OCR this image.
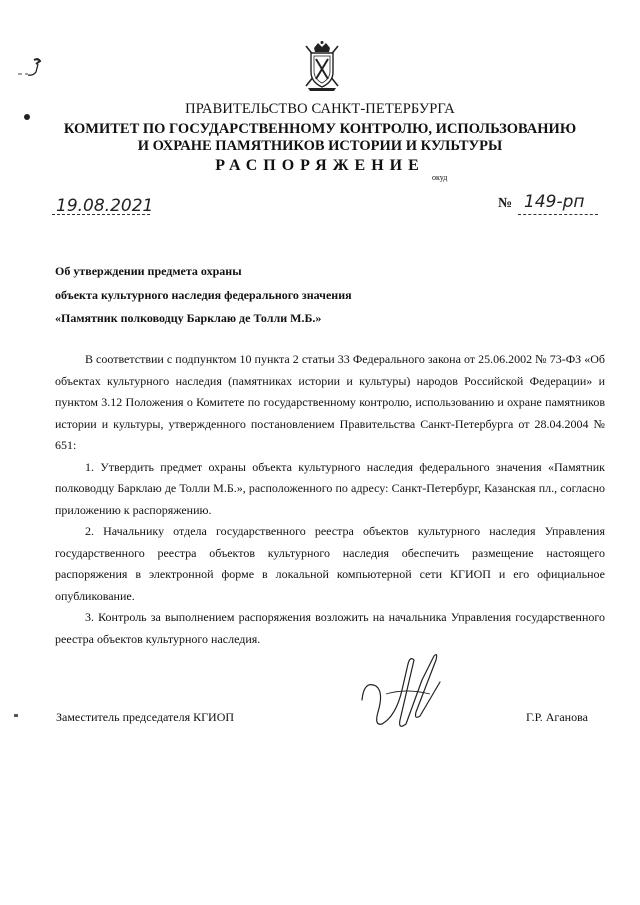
ПРАВИТЕЛЬСТВО САНКТ-ПЕТЕРБУРГА
КОМИТЕТ ПО ГОСУДАРСТВЕННОМУ КОНТРОЛЮ, ИСПОЛЬЗОВАНИЮ
И ОХРАНЕ ПАМЯТНИКОВ ИСТОРИИ И КУЛЬТУРЫ
РАСПОРЯЖЕНИЕ
окуд
19.08.2021	№ 149-рп
Об утверждении предмета охраны
объекта культурного наследия федерального значения
«Памятник полководцу Барклаю де Толли М.Б.»

В соответствии с подпунктом 10 пункта 2 статьи 33 Федерального закона от 25.06.2002 № 73-ФЗ «Об объектах культурного наследия (памятниках истории и культуры) народов Российской Федерации» и пунктом 3.12 Положения о Комитете по государственному контролю, использованию и охране памятников истории и культуры, утвержденного постановлением Правительства Санкт-Петербурга от 28.04.2004 № 651:

1. Утвердить предмет охраны объекта культурного наследия федерального значения «Памятник полководцу Барклаю де Толли М.Б.», расположенного по адресу: Санкт-Петербург, Казанская пл., согласно приложению к распоряжению.

2. Начальнику отдела государственного реестра объектов культурного наследия Управления государственного реестра объектов культурного наследия обеспечить размещение настоящего распоряжения в электронной форме в локальной компьютерной сети КГИОП и его официальное опубликование.

3. Контроль за выполнением распоряжения возложить на начальника Управления государственного реестра объектов культурного наследия.

Заместитель председателя КГИОП	Г.Р. Аганова
